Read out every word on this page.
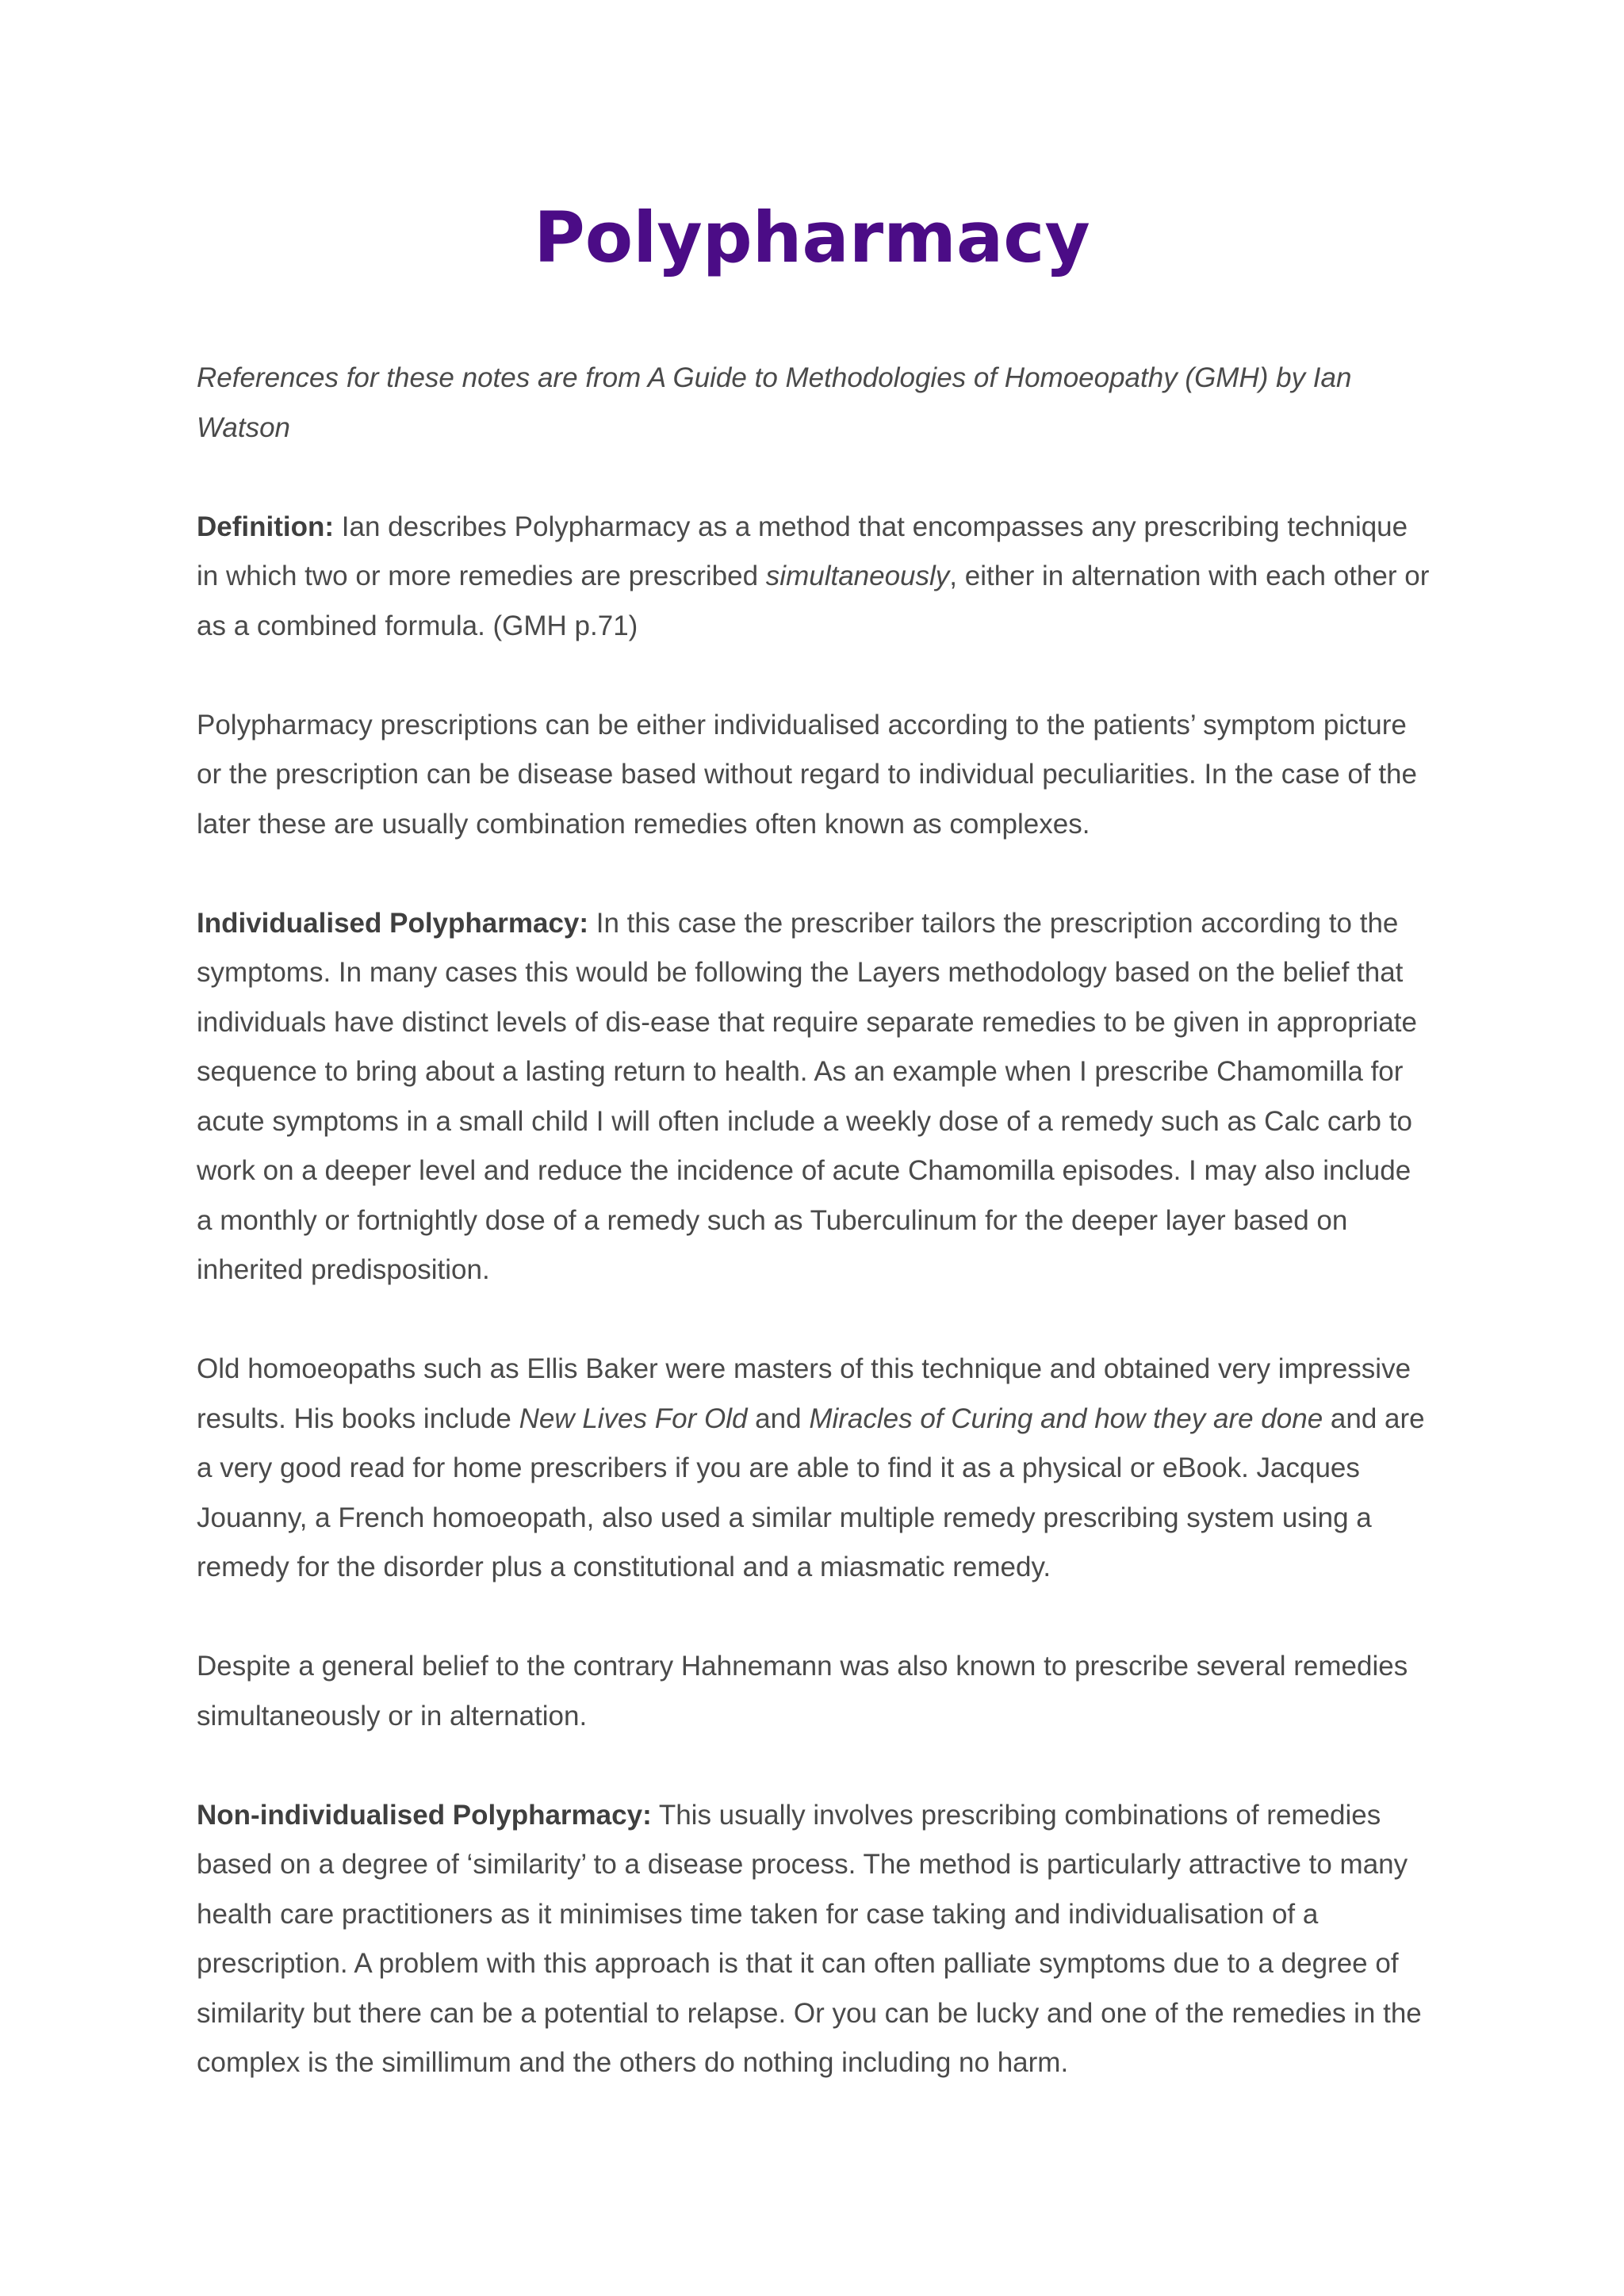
Polypharmacy

References for these notes are from A Guide to Methodologies of Homoeopathy (GMH) by Ian Watson

Definition: Ian describes Polypharmacy as a method that encompasses any prescribing technique in which two or more remedies are prescribed simultaneously, either in alternation with each other or as a combined formula. (GMH p.71)

Polypharmacy prescriptions can be either individualised according to the patients’ symptom picture or the prescription can be disease based without regard to individual peculiarities. In the case of the later these are usually combination remedies often known as complexes.

Individualised Polypharmacy: In this case the prescriber tailors the prescription according to the symptoms. In many cases this would be following the Layers methodology based on the belief that individuals have distinct levels of dis-ease that require separate remedies to be given in appropriate sequence to bring about a lasting return to health. As an example when I prescribe Chamomilla for acute symptoms in a small child I will often include a weekly dose of a remedy such as Calc carb to work on a deeper level and reduce the incidence of acute Chamomilla episodes. I may also include a monthly or fortnightly dose of a remedy such as Tuberculinum for the deeper layer based on inherited predisposition.

Old homoeopaths such as Ellis Baker were masters of this technique and obtained very impressive results. His books include New Lives For Old and Miracles of Curing and how they are done and are a very good read for home prescribers if you are able to find it as a physical or eBook. Jacques Jouanny, a French homoeopath, also used a similar multiple remedy prescribing system using a remedy for the disorder plus a constitutional and a miasmatic remedy.

Despite a general belief to the contrary Hahnemann was also known to prescribe several remedies simultaneously or in alternation.

Non-individualised Polypharmacy: This usually involves prescribing combinations of remedies based on a degree of ‘similarity’ to a disease process. The method is particularly attractive to many health care practitioners as it minimises time taken for case taking and individualisation of a prescription. A problem with this approach is that it can often palliate symptoms due to a degree of similarity but there can be a potential to relapse. Or you can be lucky and one of the remedies in the complex is the simillimum and the others do nothing including no harm.
